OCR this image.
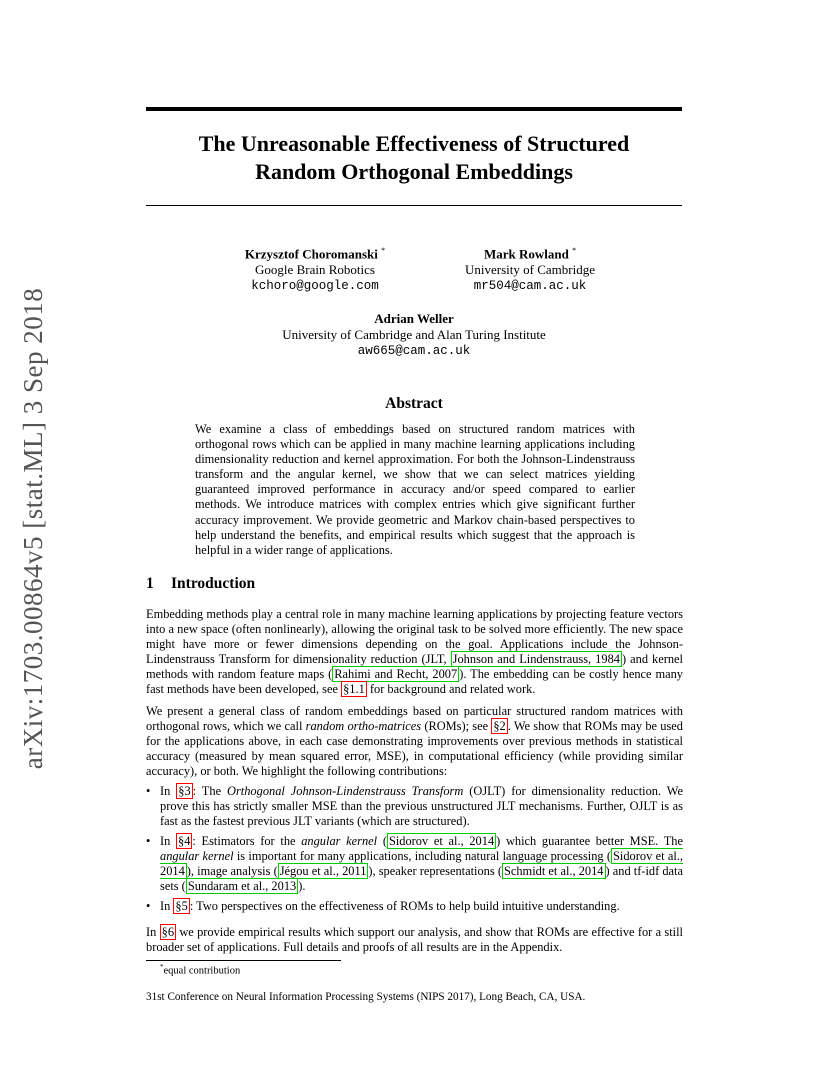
arXiv:1703.00864v5 [stat.ML] 3 Sep 2018
The Unreasonable Effectiveness of Structured
Random Orthogonal Embeddings
Krzysztof Choromanski *
Google Brain Robotics
kchoro@google.com
Mark Rowland *
University of Cambridge
mr504@cam.ac.uk
Adrian Weller
University of Cambridge and Alan Turing Institute
aw665@cam.ac.uk
Abstract
We examine a class of embeddings based on structured random matrices with orthogonal rows which can be applied in many machine learning applications including dimensionality reduction and kernel approximation. For both the Johnson-Lindenstrauss transform and the angular kernel, we show that we can select matrices yielding guaranteed improved performance in accuracy and/or speed compared to earlier methods. We introduce matrices with complex entries which give significant further accuracy improvement. We provide geometric and Markov chain-based perspectives to help understand the benefits, and empirical results which suggest that the approach is helpful in a wider range of applications.
1 Introduction
Embedding methods play a central role in many machine learning applications by projecting feature vectors into a new space (often nonlinearly), allowing the original task to be solved more efficiently. The new space might have more or fewer dimensions depending on the goal. Applications include the Johnson-Lindenstrauss Transform for dimensionality reduction (JLT, Johnson and Lindenstrauss, 1984 ) and kernel methods with random feature maps ( Rahimi and Recht, 2007 ). The embedding can be costly hence many fast methods have been developed, see §1.1 for background and related work.
We present a general class of random embeddings based on particular structured random matrices with orthogonal rows, which we call random ortho-matrices (ROMs); see §2 . We show that ROMs may be used for the applications above, in each case demonstrating improvements over previous methods in statistical accuracy (measured by mean squared error, MSE), in computational efficiency (while providing similar accuracy), or both. We highlight the following contributions:
• In §3 : The Orthogonal Johnson-Lindenstrauss Transform (OJLT) for dimensionality reduction. We prove this has strictly smaller MSE than the previous unstructured JLT mechanisms. Further, OJLT is as fast as the fastest previous JLT variants (which are structured).
• In §4 : Estimators for the angular kernel ( Sidorov et al., 2014 ) which guarantee better MSE. The angular kernel is important for many applications, including natural language processing ( Sidorov et al., 2014 ), image analysis ( Jégou et al., 2011 ), speaker representations ( Schmidt et al., 2014 ) and tf-idf data sets ( Sundaram et al., 2013 ).
• In §5 : Two perspectives on the effectiveness of ROMs to help build intuitive understanding.
In §6 we provide empirical results which support our analysis, and show that ROMs are effective for a still broader set of applications. Full details and proofs of all results are in the Appendix.
*equal contribution
31st Conference on Neural Information Processing Systems (NIPS 2017), Long Beach, CA, USA.
